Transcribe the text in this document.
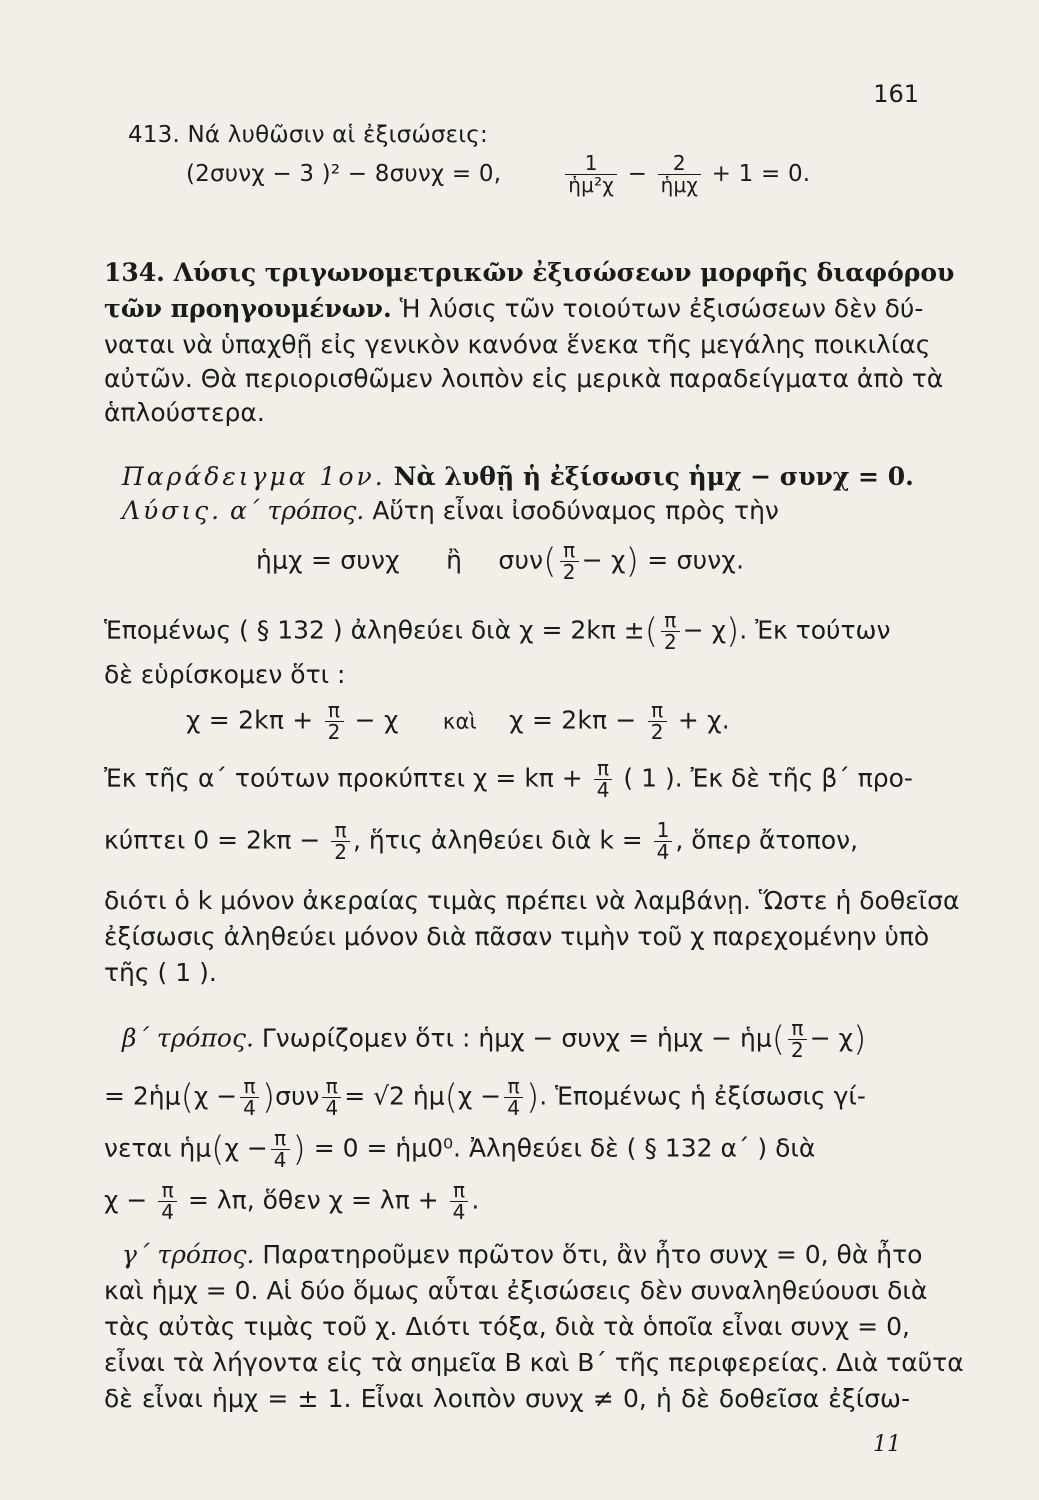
161
413. Νά λυθῶσιν αἱ ἐξισώσεις:
(2συνχ − 3 )² − 8συνχ = 0,	$\frac{1}{\text{ἡμ²χ}} - \frac{2}{\text{ἡμχ}} + 1 = 0$.
134. Λύσις τριγωνομετρικῶν ἐξισώσεων μορφῆς διαφόρου
τῶν προηγουμένων. Ἡ λύσις τῶν τοιούτων ἐξισώσεων δὲν δύ-
ναται νὰ ὑπαχθῇ εἰς γενικὸν κανόνα ἕνεκα τῆς μεγάλης ποικιλίας
αὐτῶν. Θὰ περιορισθῶμεν λοιπὸν εἰς μερικὰ παραδείγματα ἀπὸ τὰ
ἁπλούστερα.
Παράδειγμα 1ον. Νὰ λυθῇ ἡ ἐξίσωσις ἡμχ − συνχ = 0.
Λύσις. α΄ τρόπος. Αὕτη εἶναι ἰσοδύναμος πρὸς τὴν
ἡμχ = συνχ ἢ $\sigma\upsilon\nu( \frac{\pi}{2} - \chi) = \sigma\upsilon\nu\chi$.
Ἑπομένως ( § 132 ) ἀληθεύει διὰ χ = 2kπ ±( $\frac{\pi}{2} - \chi$). Ἐκ τούτων
δὲ εὑρίσκομεν ὅτι :
$\chi = 2k\pi + \frac{\pi}{2} - \chi$ καὶ $\chi = 2k\pi - \frac{\pi}{2} + \chi$.
Ἐκ τῆς α΄ τούτων προκύπτει $\chi = k\pi + \frac{\pi}{4}$ ( 1 ). Ἐκ δὲ τῆς β΄ προ-
κύπτει $0 = 2k\pi - \frac{\pi}{2}$ , ἥτις ἀληθεύει διὰ $k = \frac{1}{4}$ , ὅπερ ἄτοπον,
διότι ὁ k μόνον ἀκεραίας τιμὰς πρέπει νὰ λαμβάνῃ. Ὥστε ἡ δοθεῖσα
ἐξίσωσις ἀληθεύει μόνον διὰ πᾶσαν τιμὴν τοῦ χ παρεχομένην ὑπὸ
τῆς ( 1 ).
β΄ τρόπος. Γνωρίζομεν ὅτι : ἡμχ − συνχ = ἡμχ − ἡμ( $\frac{\pi}{2} - \chi$)
= 2ἡμ(χ − $\frac{\pi}{4} )\sigma\upsilon\nu \frac{\pi}{4} = √2$ ἡμ(χ − $\frac{\pi}{4}$ ). Ἑπομένως ἡ ἐξίσωσις γί-
νεται ἡμ(χ − $\frac{\pi}{4}$ ) = 0 = ἡμ0⁰. Ἀληθεύει δὲ ( § 132 α΄ ) διὰ
$\chi - \frac{\pi}{4} = \lambda\pi$, ὅθεν $\chi = \lambda\pi + \frac{\pi}{4}$ .
γ΄ τρόπος. Παρατηροῦμεν πρῶτον ὅτι, ἂν ἦτο συνχ = 0, θὰ ἦτο
καὶ ἡμχ = 0. Αἱ δύο ὅμως αὗται ἐξισώσεις δὲν συναληθεύουσι διὰ
τὰς αὐτὰς τιμὰς τοῦ χ. Διότι τόξα, διὰ τὰ ὁποῖα εἶναι συνχ = 0,
εἶναι τὰ λήγοντα εἰς τὰ σημεῖα Β καὶ Β΄ τῆς περιφερείας. Διὰ ταῦτα
δὲ εἶναι ἡμχ = ± 1. Εἶναι λοιπὸν συνχ ≠ 0, ἡ δὲ δοθεῖσα ἐξίσω-
11
